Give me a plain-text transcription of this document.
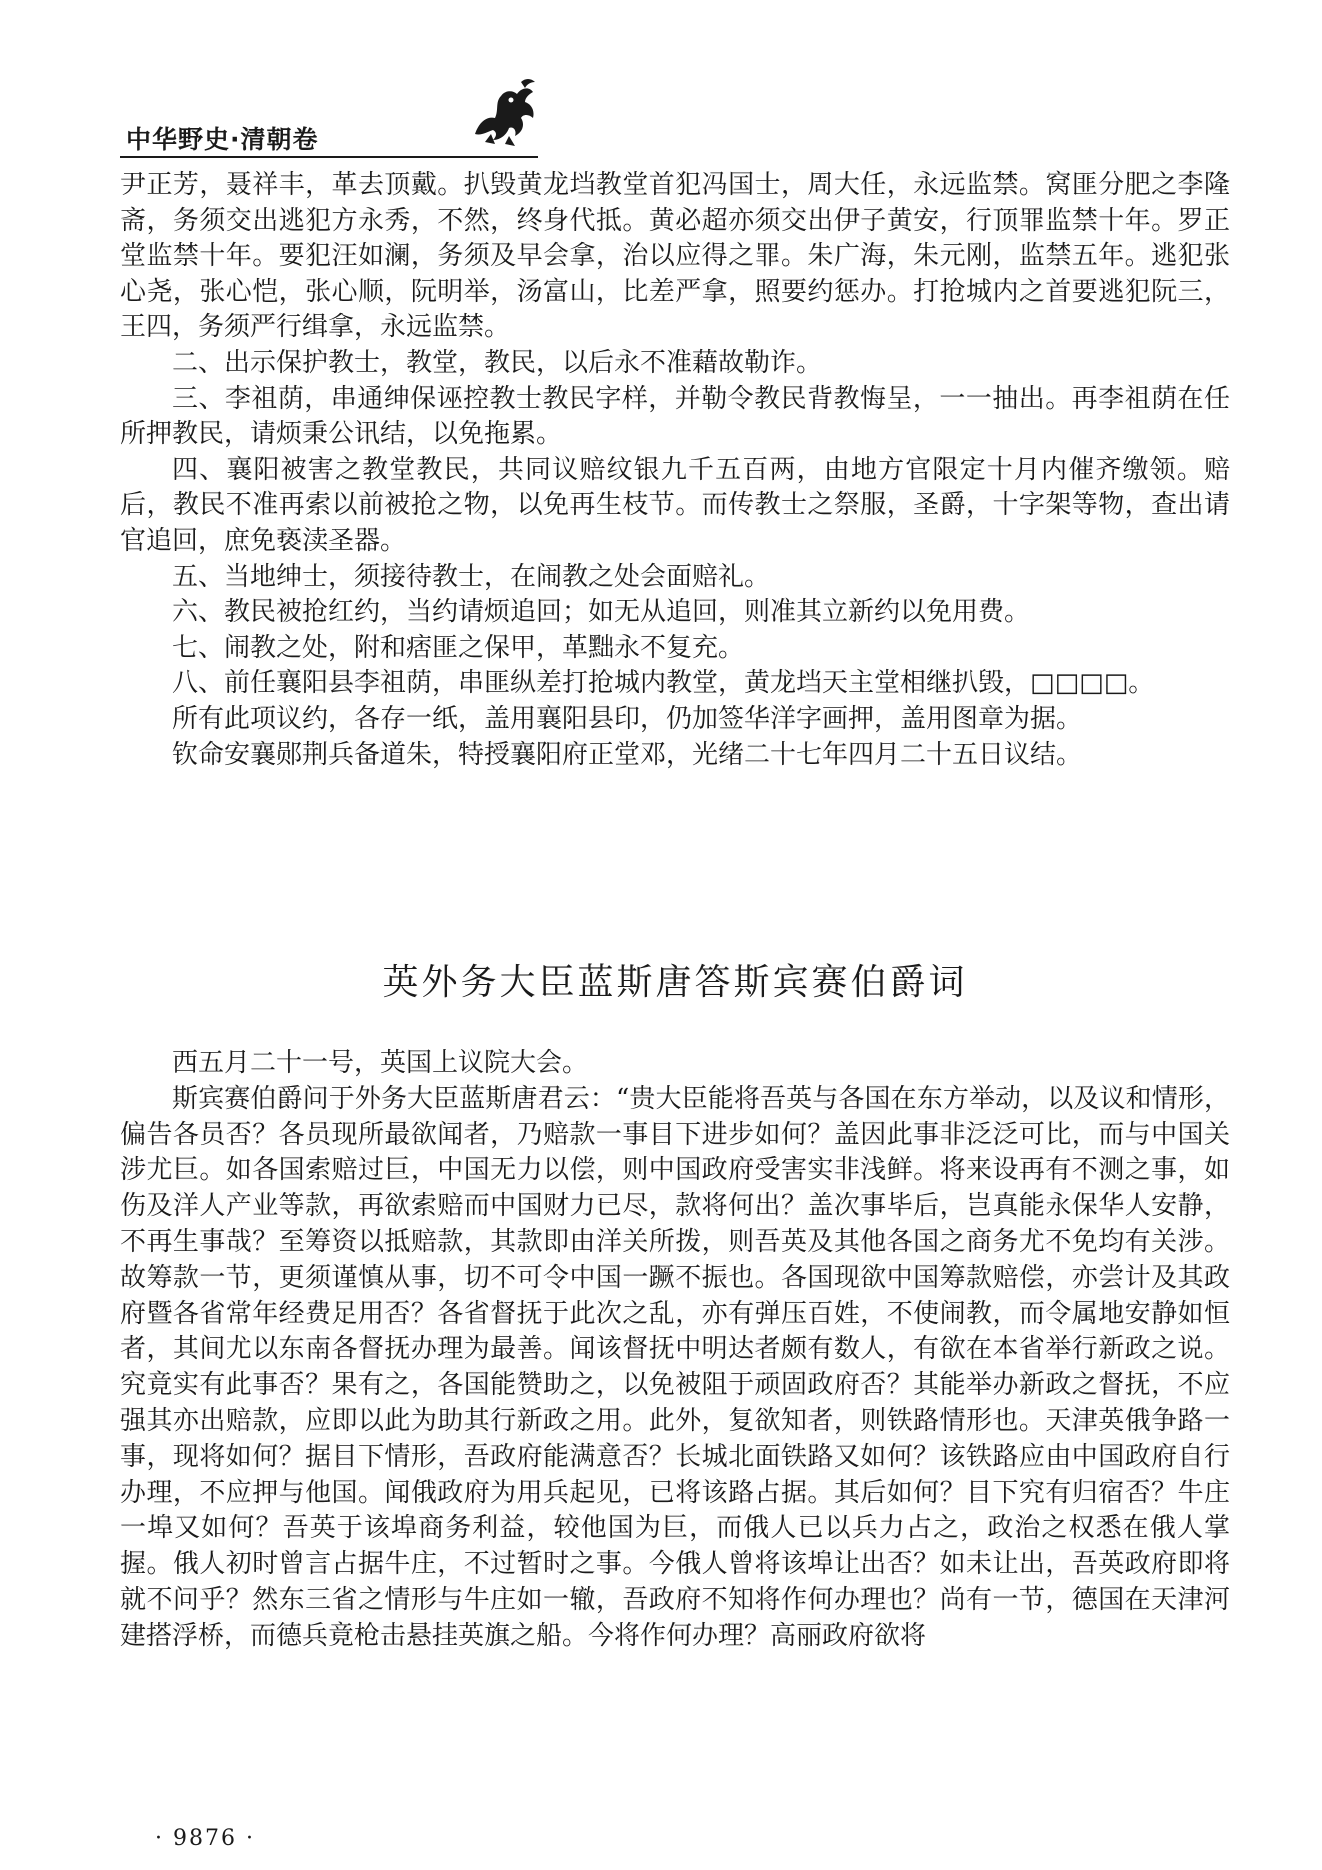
中华野史·清朝卷

尹正芳，聂祥丰，革去顶戴。扒毁黄龙垱教堂首犯冯国士，周大任，永远监禁。窝匪分肥之李隆斋，务须交出逃犯方永秀，不然，终身代抵。黄必超亦须交出伊子黄安，行顶罪监禁十年。罗正堂监禁十年。要犯汪如澜，务须及早会拿，治以应得之罪。朱广海，朱元刚，监禁五年。逃犯张心尧，张心恺，张心顺，阮明举，汤富山，比差严拿，照要约惩办。打抢城内之首要逃犯阮三，王四，务须严行缉拿，永远监禁。

二、出示保护教士，教堂，教民，以后永不准藉故勒诈。

三、李祖荫，串通绅保诬控教士教民字样，并勒令教民背教悔呈，一一抽出。再李祖荫在任所押教民，请烦秉公讯结，以免拖累。

四、襄阳被害之教堂教民，共同议赔纹银九千五百两，由地方官限定十月内催齐缴领。赔后，教民不准再索以前被抢之物，以免再生枝节。而传教士之祭服，圣爵，十字架等物，查出请官追回，庶免亵渎圣器。

五、当地绅士，须接待教士，在闹教之处会面赔礼。

六、教民被抢红约，当约请烦追回；如无从追回，则准其立新约以免用费。

七、闹教之处，附和痞匪之保甲，革黜永不复充。

八、前任襄阳县李祖荫，串匪纵差打抢城内教堂，黄龙垱天主堂相继扒毁，□□□□。

所有此项议约，各存一纸，盖用襄阳县印，仍加签华洋字画押，盖用图章为据。

钦命安襄郧荆兵备道朱，特授襄阳府正堂邓，光绪二十七年四月二十五日议结。

英外务大臣蓝斯唐答斯宾赛伯爵词

西五月二十一号，英国上议院大会。

斯宾赛伯爵问于外务大臣蓝斯唐君云：“贵大臣能将吾英与各国在东方举动，以及议和情形，偏告各员否？各员现所最欲闻者，乃赔款一事目下进步如何？盖因此事非泛泛可比，而与中国关涉尤巨。如各国索赔过巨，中国无力以偿，则中国政府受害实非浅鲜。将来设再有不测之事，如伤及洋人产业等款，再欲索赔而中国财力已尽，款将何出？盖次事毕后，岂真能永保华人安静，不再生事哉？至筹资以抵赔款，其款即由洋关所拨，则吾英及其他各国之商务尤不免均有关涉。故筹款一节，更须谨慎从事，切不可令中国一蹶不振也。各国现欲中国筹款赔偿，亦尝计及其政府暨各省常年经费足用否？各省督抚于此次之乱，亦有弹压百姓，不使闹教，而令属地安静如恒者，其间尤以东南各督抚办理为最善。闻该督抚中明达者颇有数人，有欲在本省举行新政之说。究竟实有此事否？果有之，各国能赞助之，以免被阻于顽固政府否？其能举办新政之督抚，不应强其亦出赔款，应即以此为助其行新政之用。此外，复欲知者，则铁路情形也。天津英俄争路一事，现将如何？据目下情形，吾政府能满意否？长城北面铁路又如何？该铁路应由中国政府自行办理，不应押与他国。闻俄政府为用兵起见，已将该路占据。其后如何？目下究有归宿否？牛庄一埠又如何？吾英于该埠商务利益，较他国为巨，而俄人已以兵力占之，政治之权悉在俄人掌握。俄人初时曾言占据牛庄，不过暂时之事。今俄人曾将该埠让出否？如未让出，吾英政府即将就不问乎？然东三省之情形与牛庄如一辙，吾政府不知将作何办理也？尚有一节，德国在天津河建搭浮桥，而德兵竟枪击悬挂英旗之船。今将作何办理？高丽政府欲将

· 9876 ·
